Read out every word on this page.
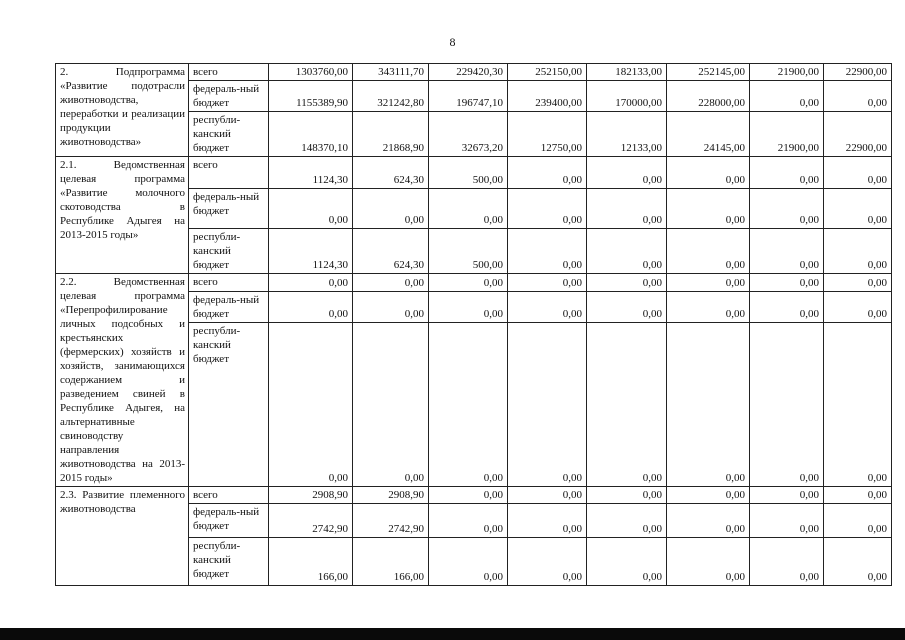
8
2. Подпрограмма «Развитие подотрасли животноводства, переработки и реализации продукции животноводства»	всего	1303760,00	343111,70	229420,30	252150,00	182133,00	252145,00	21900,00	22900,00
	федераль-ный бюджет	1155389,90	321242,80	196747,10	239400,00	170000,00	228000,00	0,00	0,00
	республи-канский бюджет	148370,10	21868,90	32673,20	12750,00	12133,00	24145,00	21900,00	22900,00
2.1. Ведомственная целевая программа «Развитие молочного скотоводства в Республике Адыгея на 2013-2015 годы»	всего	1124,30	624,30	500,00	0,00	0,00	0,00	0,00	0,00
	федераль-ный бюджет	0,00	0,00	0,00	0,00	0,00	0,00	0,00	0,00
	республи-канский бюджет	1124,30	624,30	500,00	0,00	0,00	0,00	0,00	0,00
2.2. Ведомственная целевая программа «Перепрофилирование личных подсобных и крестьянских (фермерских) хозяйств и хозяйств, занимающихся содержанием и разведением свиней в Республике Адыгея, на альтернативные свиноводству направления животноводства на 2013-2015 годы»	всего	0,00	0,00	0,00	0,00	0,00	0,00	0,00	0,00
	федераль-ный бюджет	0,00	0,00	0,00	0,00	0,00	0,00	0,00	0,00
	республи-канский бюджет	0,00	0,00	0,00	0,00	0,00	0,00	0,00	0,00
2.3. Развитие племенного животноводства	всего	2908,90	2908,90	0,00	0,00	0,00	0,00	0,00	0,00
	федераль-ный бюджет	2742,90	2742,90	0,00	0,00	0,00	0,00	0,00	0,00
	республи-канский бюджет	166,00	166,00	0,00	0,00	0,00	0,00	0,00	0,00
